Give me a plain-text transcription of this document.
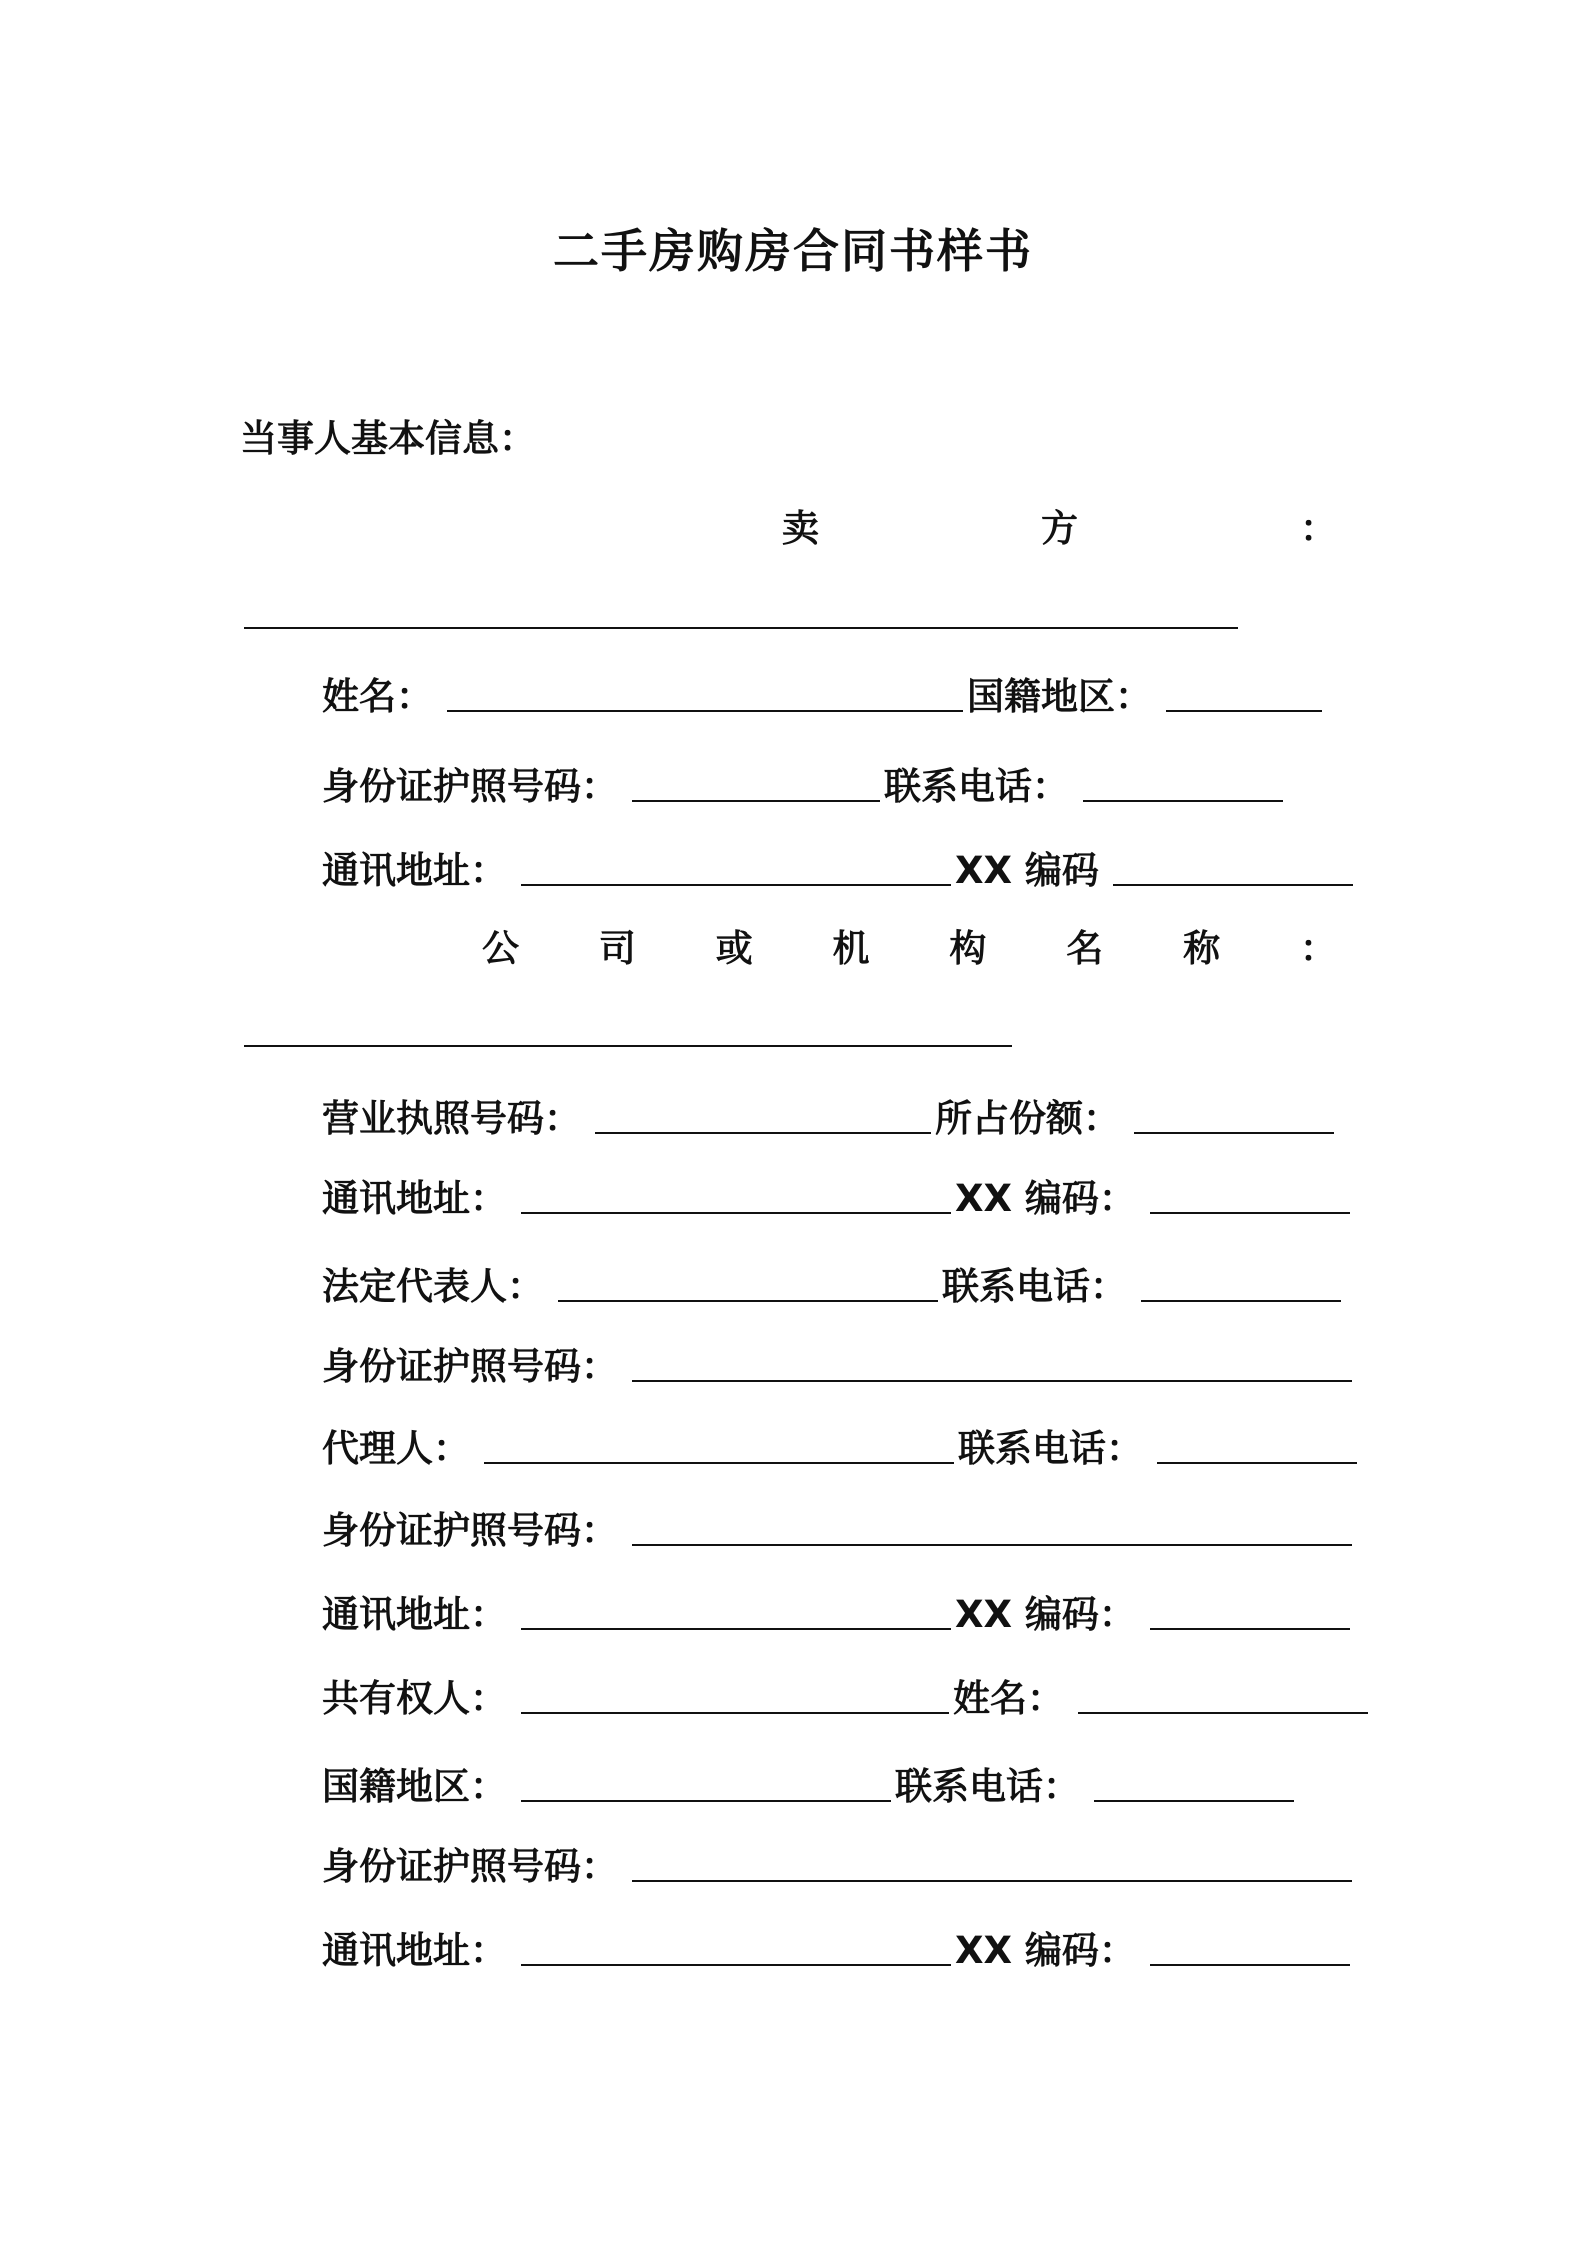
二手房购房合同书样书
当事人基本信息：
卖	方	：
姓名：	国籍地区：
身份证护照号码：	联系电话：
通讯地址：	XX 编码
公 司 或 机 构 名 称 ：
营业执照号码：	所占份额：
通讯地址：	XX 编码：
法定代表人：	联系电话：
身份证护照号码：
代理人：	联系电话：
身份证护照号码：
通讯地址：	XX 编码：
共有权人：	姓名：
国籍地区：	联系电话：
身份证护照号码：
通讯地址：	XX 编码：
